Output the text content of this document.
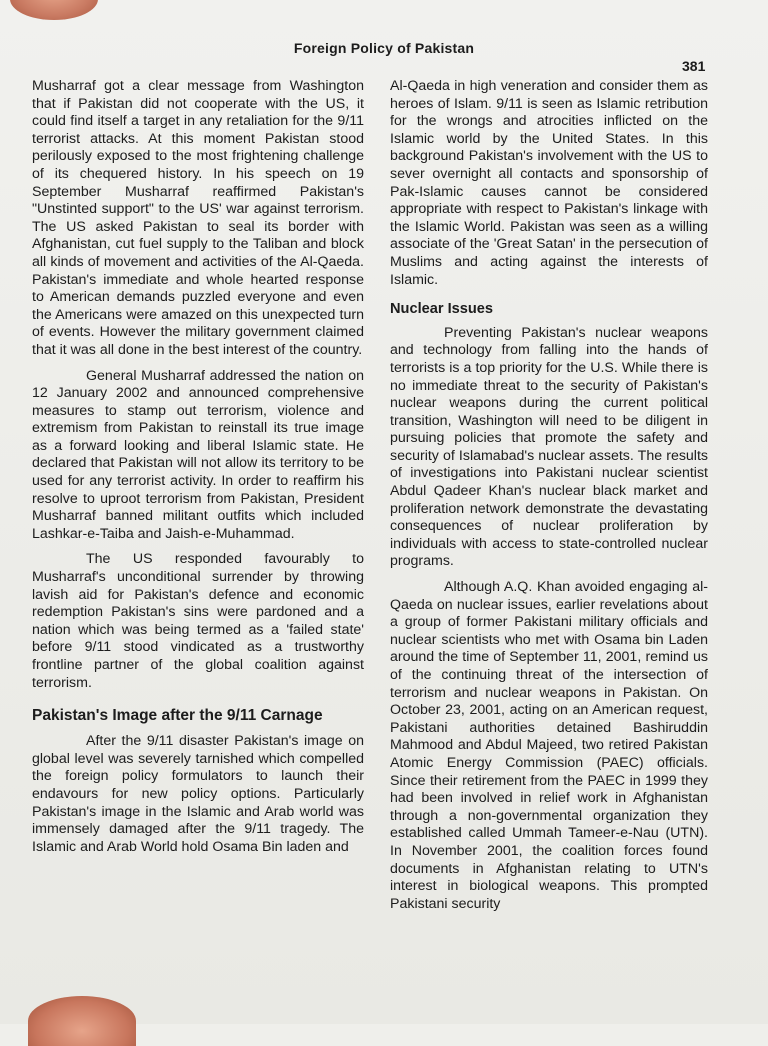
Foreign Policy of Pakistan
381

Musharraf got a clear message from Washington that if Pakistan did not cooperate with the US, it could find itself a target in any retaliation for the 9/11 terrorist attacks. At this moment Pakistan stood perilously exposed to the most frightening challenge of its chequered history. In his speech on 19 September Musharraf reaffirmed Pakistan's "Unstinted support" to the US' war against terrorism. The US asked Pakistan to seal its border with Afghanistan, cut fuel supply to the Taliban and block all kinds of movement and activities of the Al-Qaeda. Pakistan's immediate and whole hearted response to American demands puzzled everyone and even the Americans were amazed on this unexpected turn of events. However the military government claimed that it was all done in the best interest of the country.

General Musharraf addressed the nation on 12 January 2002 and announced comprehensive measures to stamp out terrorism, violence and extremism from Pakistan to reinstall its true image as a forward looking and liberal Islamic state. He declared that Pakistan will not allow its territory to be used for any terrorist activity. In order to reaffirm his resolve to uproot terrorism from Pakistan, President Musharraf banned militant outfits which included Lashkar-e-Taiba and Jaish-e-Muhammad.

The US responded favourably to Musharraf's unconditional surrender by throwing lavish aid for Pakistan's defence and economic redemption Pakistan's sins were pardoned and a nation which was being termed as a 'failed state' before 9/11 stood vindicated as a trustworthy frontline partner of the global coalition against terrorism.

Pakistan's Image after the 9/11 Carnage

After the 9/11 disaster Pakistan's image on global level was severely tarnished which compelled the foreign policy formulators to launch their endavours for new policy options. Particularly Pakistan's image in the Islamic and Arab world was immensely damaged after the 9/11 tragedy. The Islamic and Arab World hold Osama Bin laden and

Al-Qaeda in high veneration and consider them as heroes of Islam. 9/11 is seen as Islamic retribution for the wrongs and atrocities inflicted on the Islamic world by the United States. In this background Pakistan's involvement with the US to sever overnight all contacts and sponsorship of Pak-Islamic causes cannot be considered appropriate with respect to Pakistan's linkage with the Islamic World. Pakistan was seen as a willing associate of the 'Great Satan' in the persecution of Muslims and acting against the interests of Islamic.

Nuclear Issues

Preventing Pakistan's nuclear weapons and technology from falling into the hands of terrorists is a top priority for the U.S. While there is no immediate threat to the security of Pakistan's nuclear weapons during the current political transition, Washington will need to be diligent in pursuing policies that promote the safety and security of Islamabad's nuclear assets. The results of investigations into Pakistani nuclear scientist Abdul Qadeer Khan's nuclear black market and proliferation network demonstrate the devastating consequences of nuclear proliferation by individuals with access to state-controlled nuclear programs.

Although A.Q. Khan avoided engaging al-Qaeda on nuclear issues, earlier revelations about a group of former Pakistani military officials and nuclear scientists who met with Osama bin Laden around the time of September 11, 2001, remind us of the continuing threat of the intersection of terrorism and nuclear weapons in Pakistan. On October 23, 2001, acting on an American request, Pakistani authorities detained Bashiruddin Mahmood and Abdul Majeed, two retired Pakistan Atomic Energy Commission (PAEC) officials. Since their retirement from the PAEC in 1999 they had been involved in relief work in Afghanistan through a non-governmental organization they established called Ummah Tameer-e-Nau (UTN). In November 2001, the coalition forces found documents in Afghanistan relating to UTN's interest in biological weapons. This prompted Pakistani security
